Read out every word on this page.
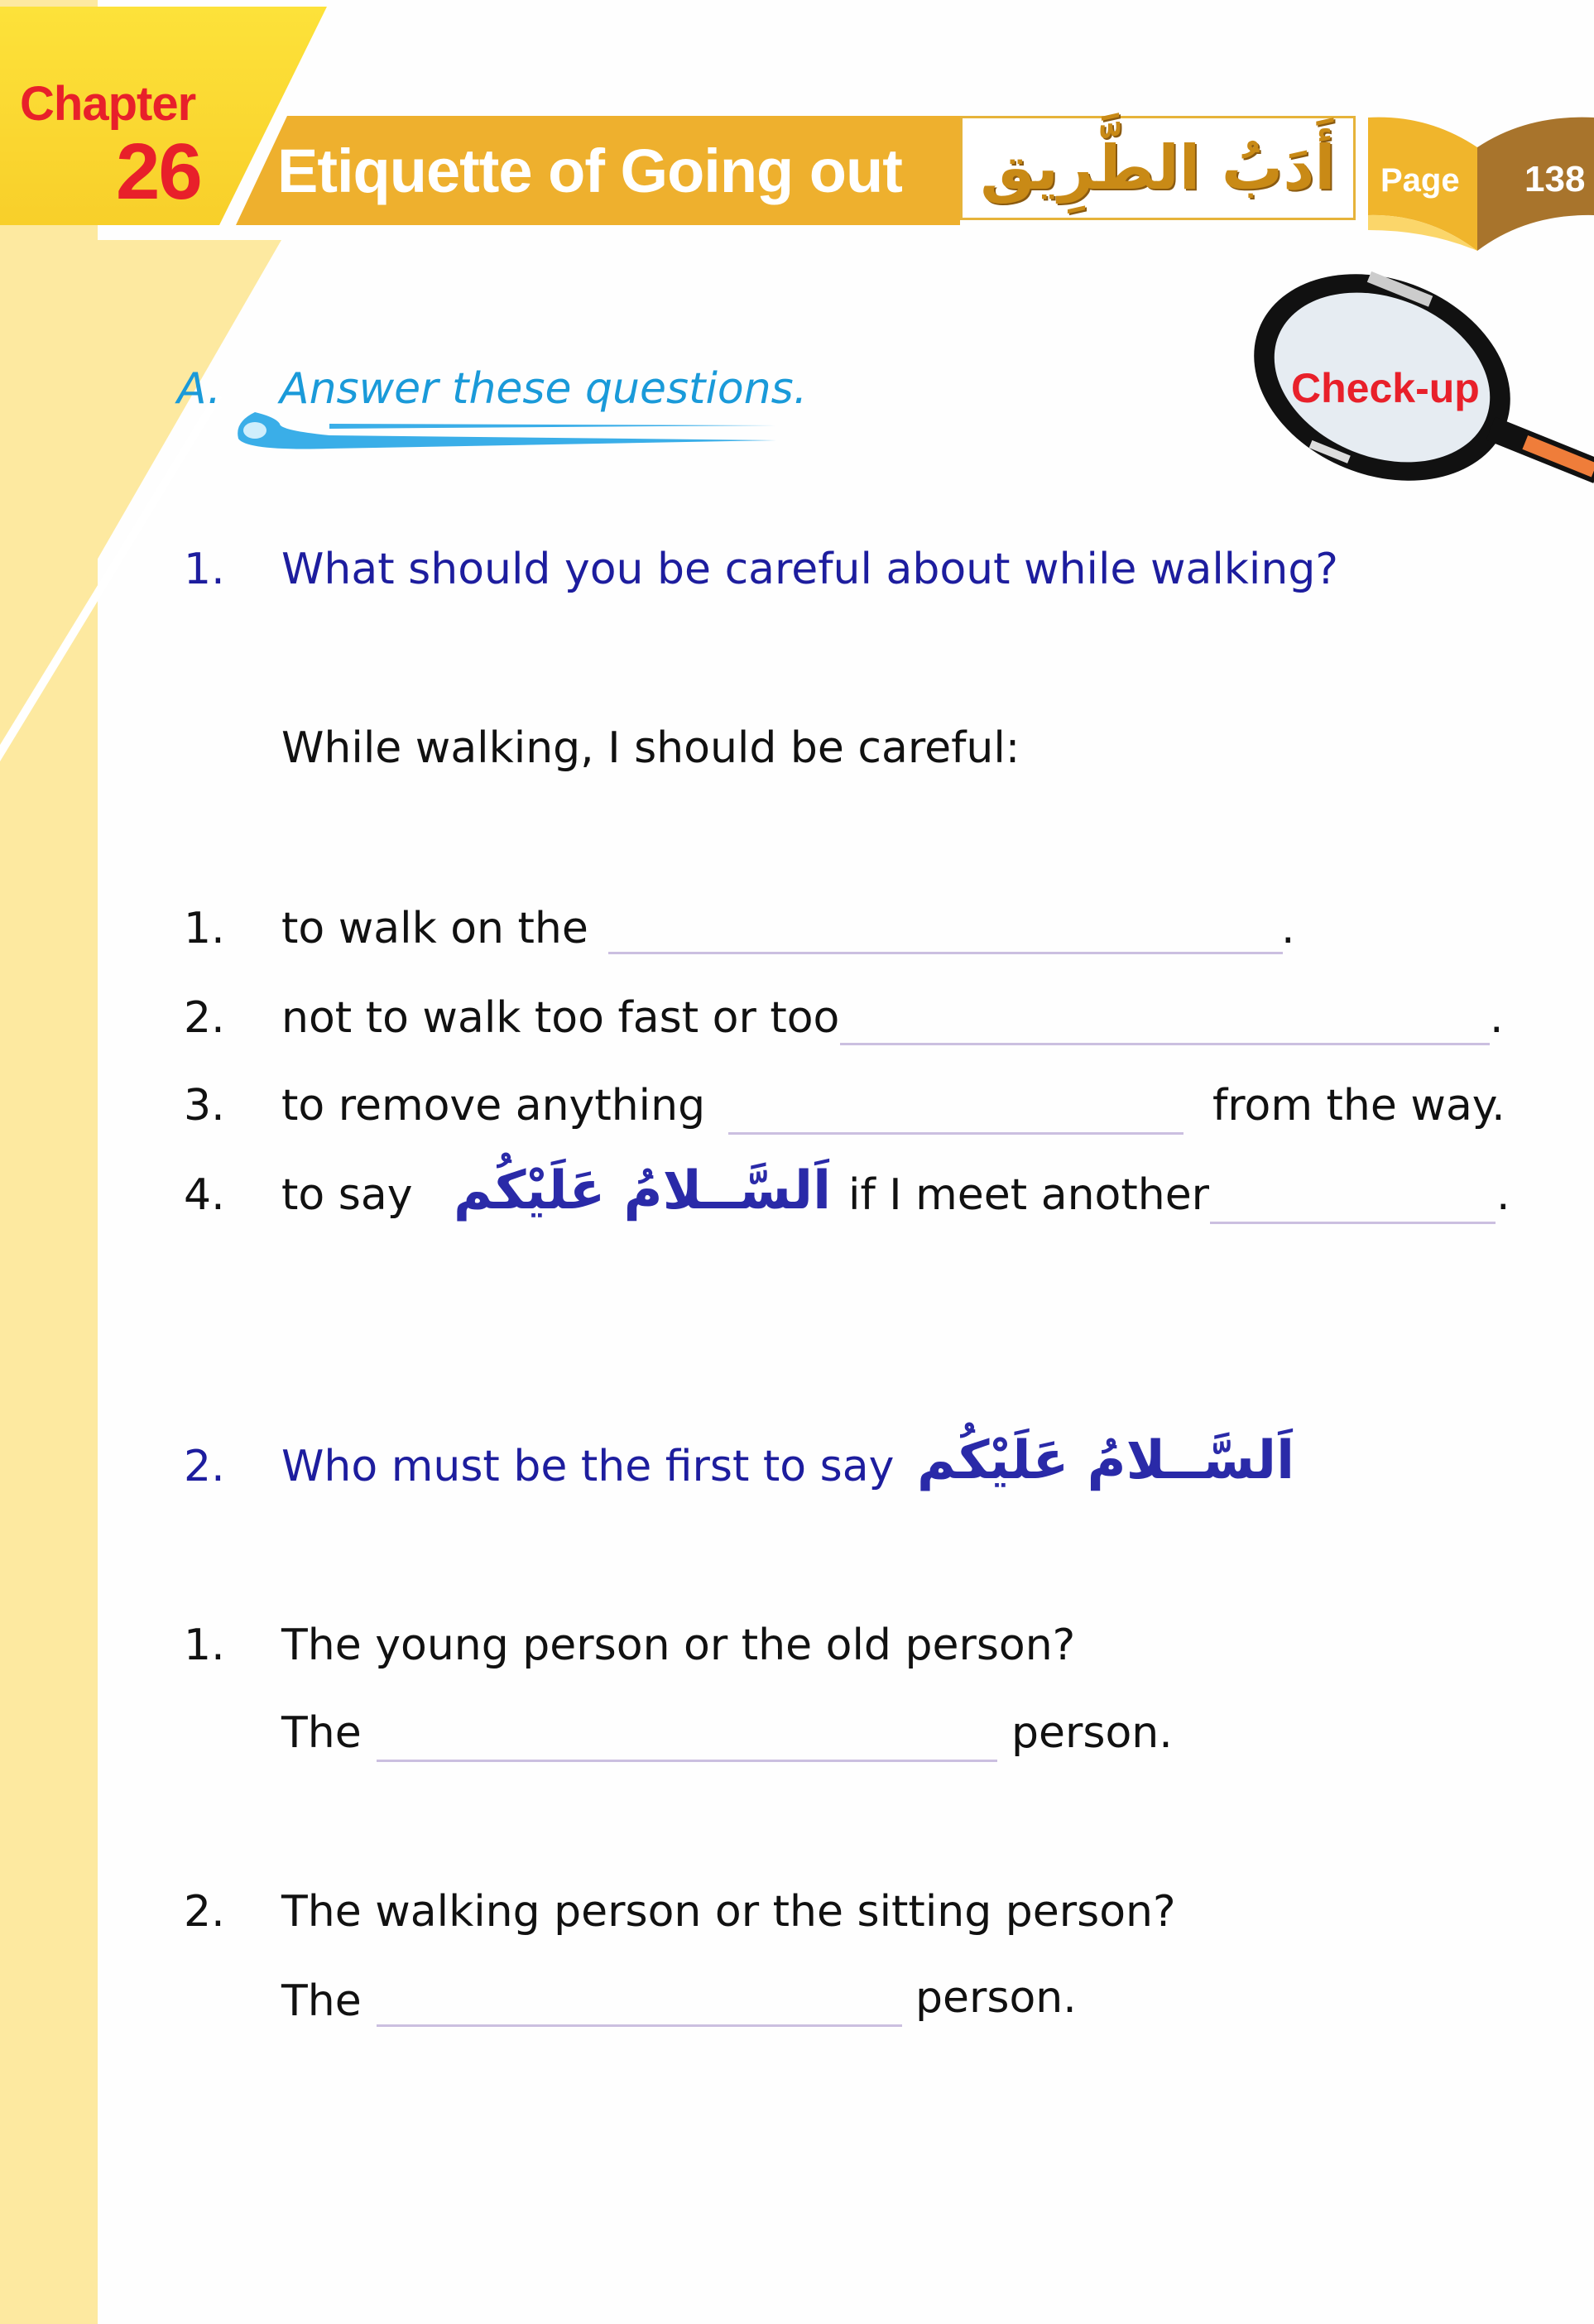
Chapter
26 Etiquette of Going out أَدَبُ الطَّرِيق Page 138
Check-up
A. Answer these questions.
1. What should you be careful about while walking?
While walking, I should be careful:
1. to walk on the	.
2. not to walk too fast or too	.
3. to remove anything	from the way.
4. to say اَلسَّــلامُ عَلَيْكُم if I meet another	.
2. Who must be the first to say اَلسَّــلامُ عَلَيْكُم
1. The young person or the old person?
The	person.
2. The walking person or the sitting person?
The	person.
